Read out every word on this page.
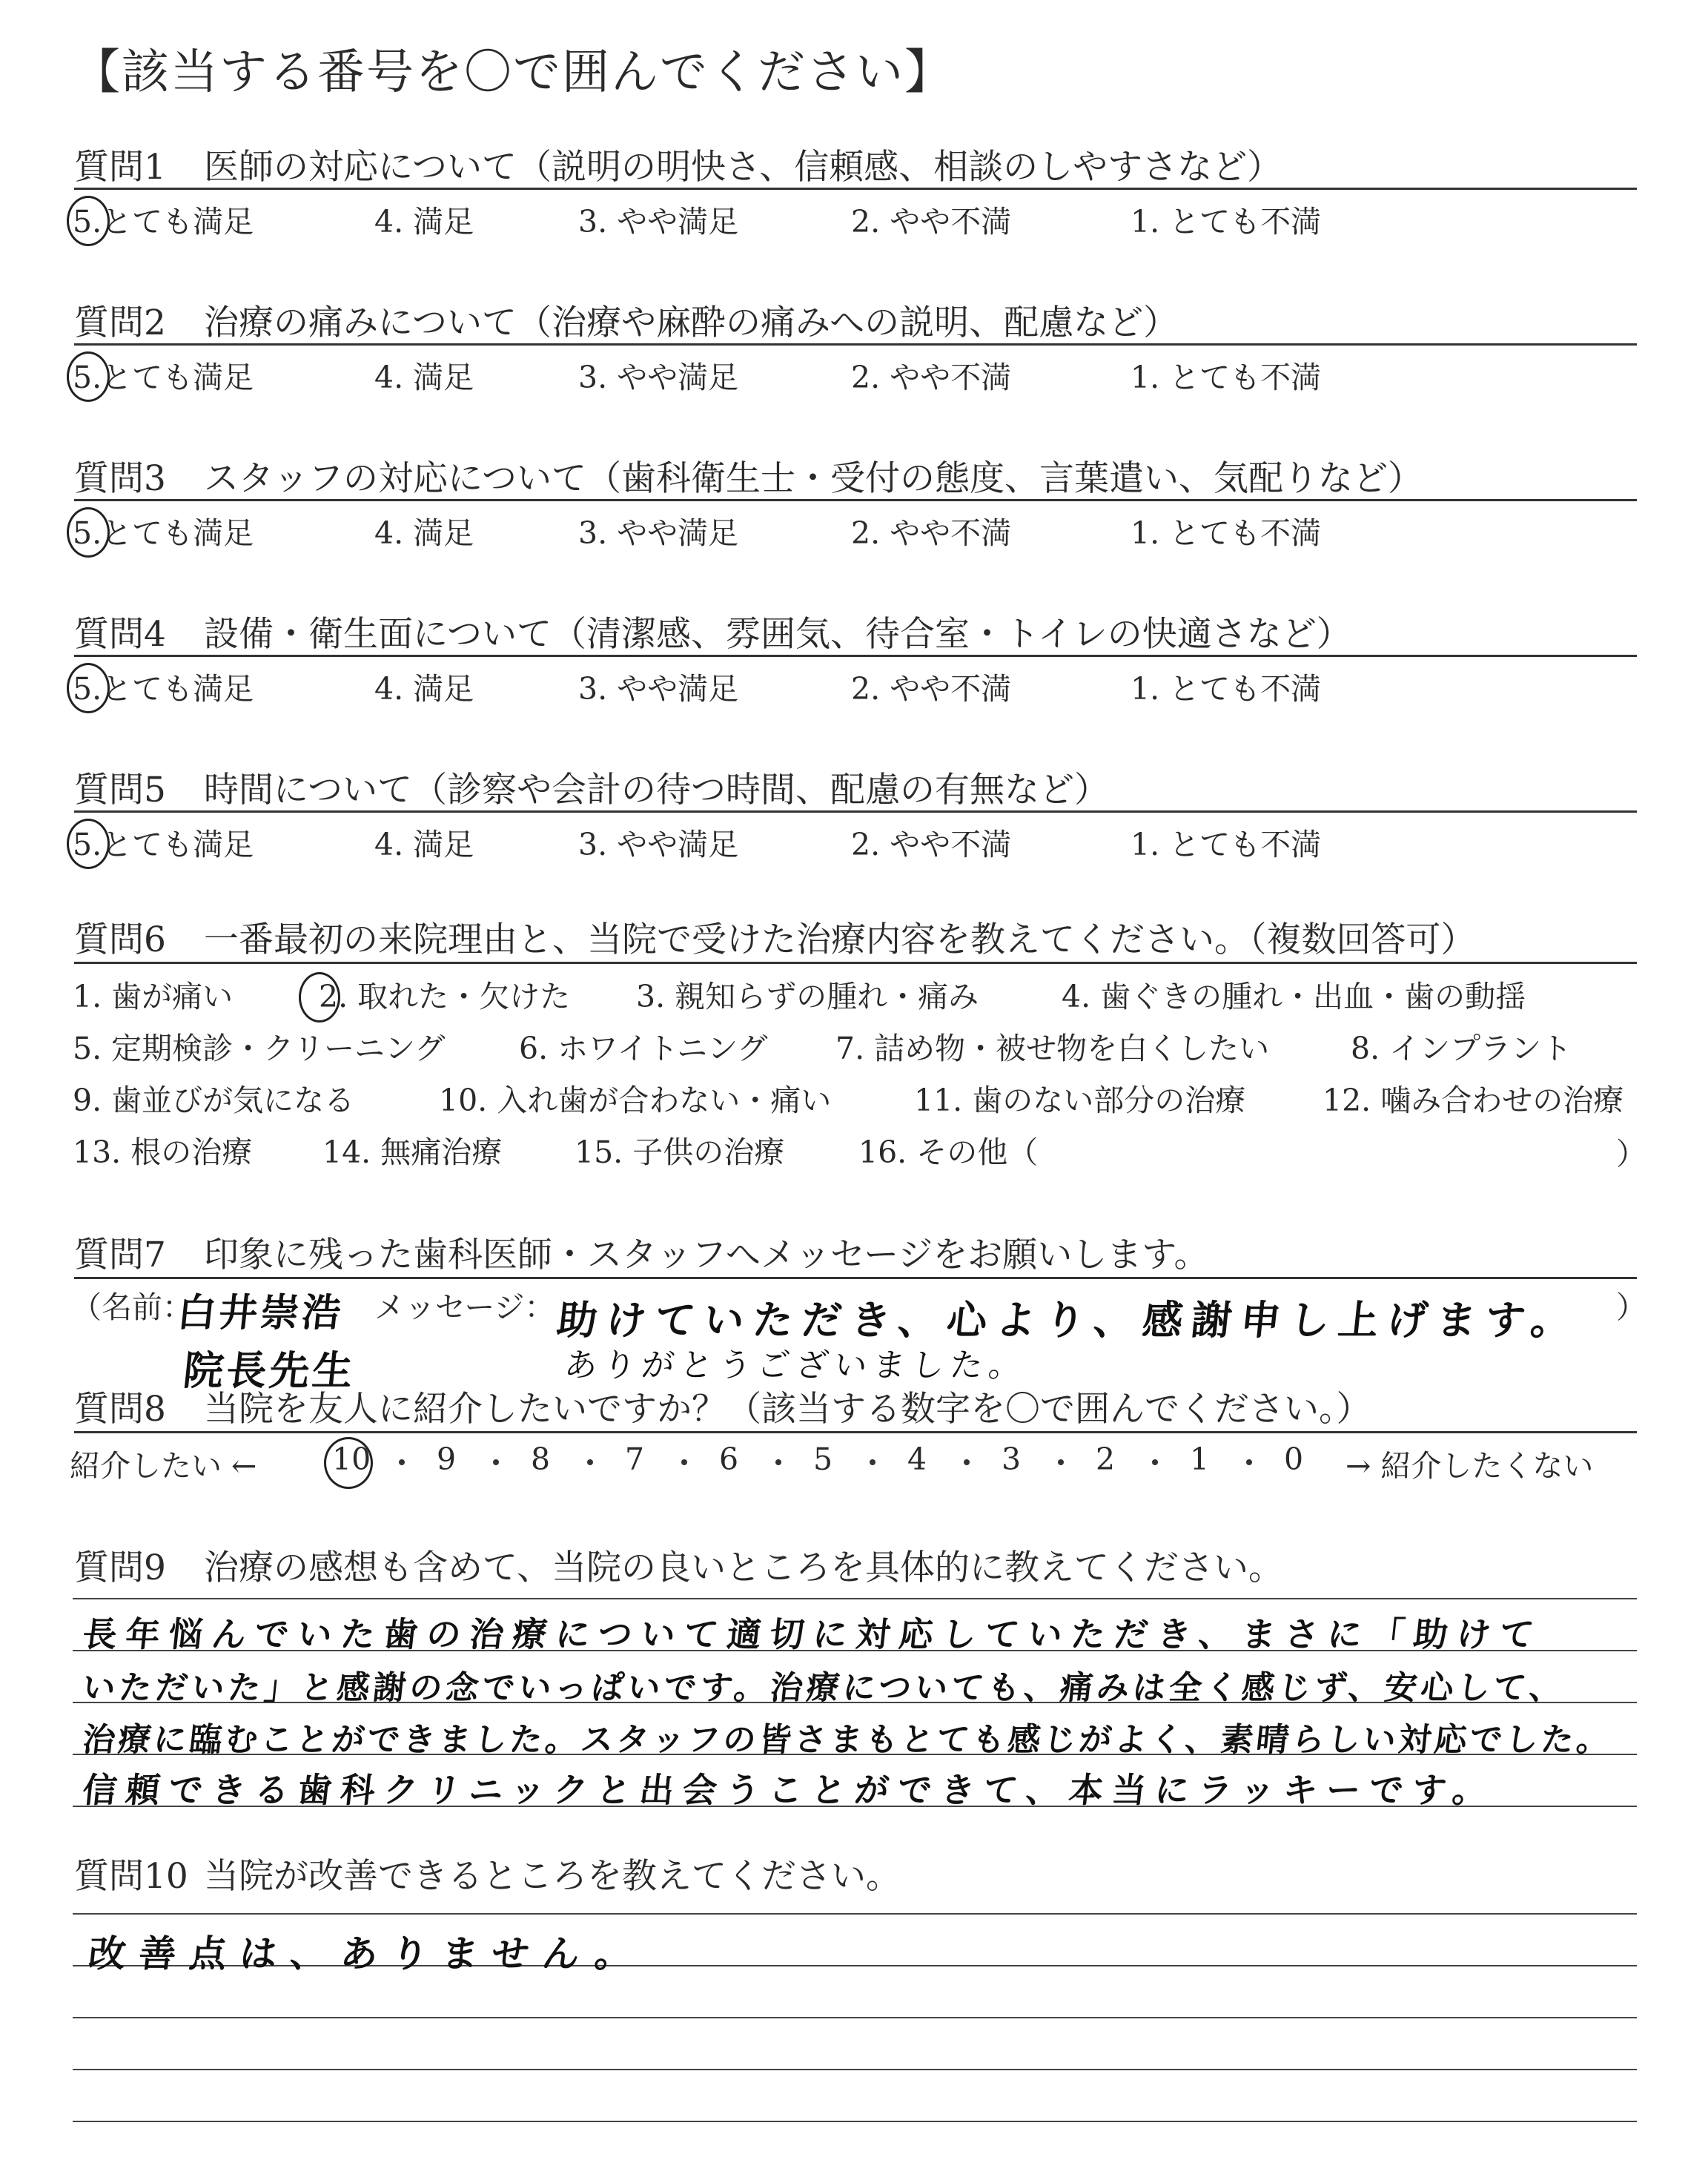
【該当する番号を〇で囲んでください】
質問1 医師の対応について（説明の明快さ、信頼感、相談のしやすさなど）
5.とても満足	4. 満足	3. やや満足	2. やや不満	1. とても不満
質問2 治療の痛みについて（治療や麻酔の痛みへの説明、配慮など）
5.とても満足	4. 満足	3. やや満足	2. やや不満	1. とても不満
質問3 スタッフの対応について（歯科衛生士・受付の態度、言葉遣い、気配りなど）
5.とても満足	4. 満足	3. やや満足	2. やや不満	1. とても不満
質問4 設備・衛生面について（清潔感、雰囲気、待合室・トイレの快適さなど）
5.とても満足	4. 満足	3. やや満足	2. やや不満	1. とても不満
質問5 時間について（診察や会計の待つ時間、配慮の有無など）
5.とても満足	4. 満足	3. やや満足	2. やや不満	1. とても不満
質問6 一番最初の来院理由と、当院で受けた治療内容を教えてください。（複数回答可）
1. 歯が痛い	2. 取れた・欠けた 3. 親知らずの腫れ・痛み	4. 歯ぐきの腫れ・出血・歯の動揺
5. 定期検診・クリーニング 6. ホワイトニング 7. 詰め物・被せ物を白くしたい	8. インプラント
9. 歯並びが気になる	10. 入れ歯が合わない・痛い	11. 歯のない部分の治療	12. 噛み合わせの治療
13. 根の治療 14. 無痛治療 15. 子供の治療 16. その他（	）
質問7 印象に残った歯科医師・スタッフへメッセージをお願いします。
（名前：
白井崇浩
院長先生
メッセージ： 助けていただき、心より、感謝申し上げます。
ありがとうございました。
）
質問8 当院を友人に紹介したいですか？（該当する数字を〇で囲んでください。）
紹介したい ← 10 9 8 7 6 5 4 3 2 1 0 → 紹介したくない
質問9 治療の感想も含めて、当院の良いところを具体的に教えてください。
長年悩んでいた歯の治療について適切に対応していただき、まさに「助けて
いただいた」と感謝の念でいっぱいです。治療についても、痛みは全く感じず、安心して、
治療に臨むことができました。スタッフの皆さまもとても感じがよく、素晴らしい対応でした。
信頼できる歯科クリニックと出会うことができて、本当にラッキーです。
質問10 当院が改善できるところを教えてください。
改善点は、ありません。
